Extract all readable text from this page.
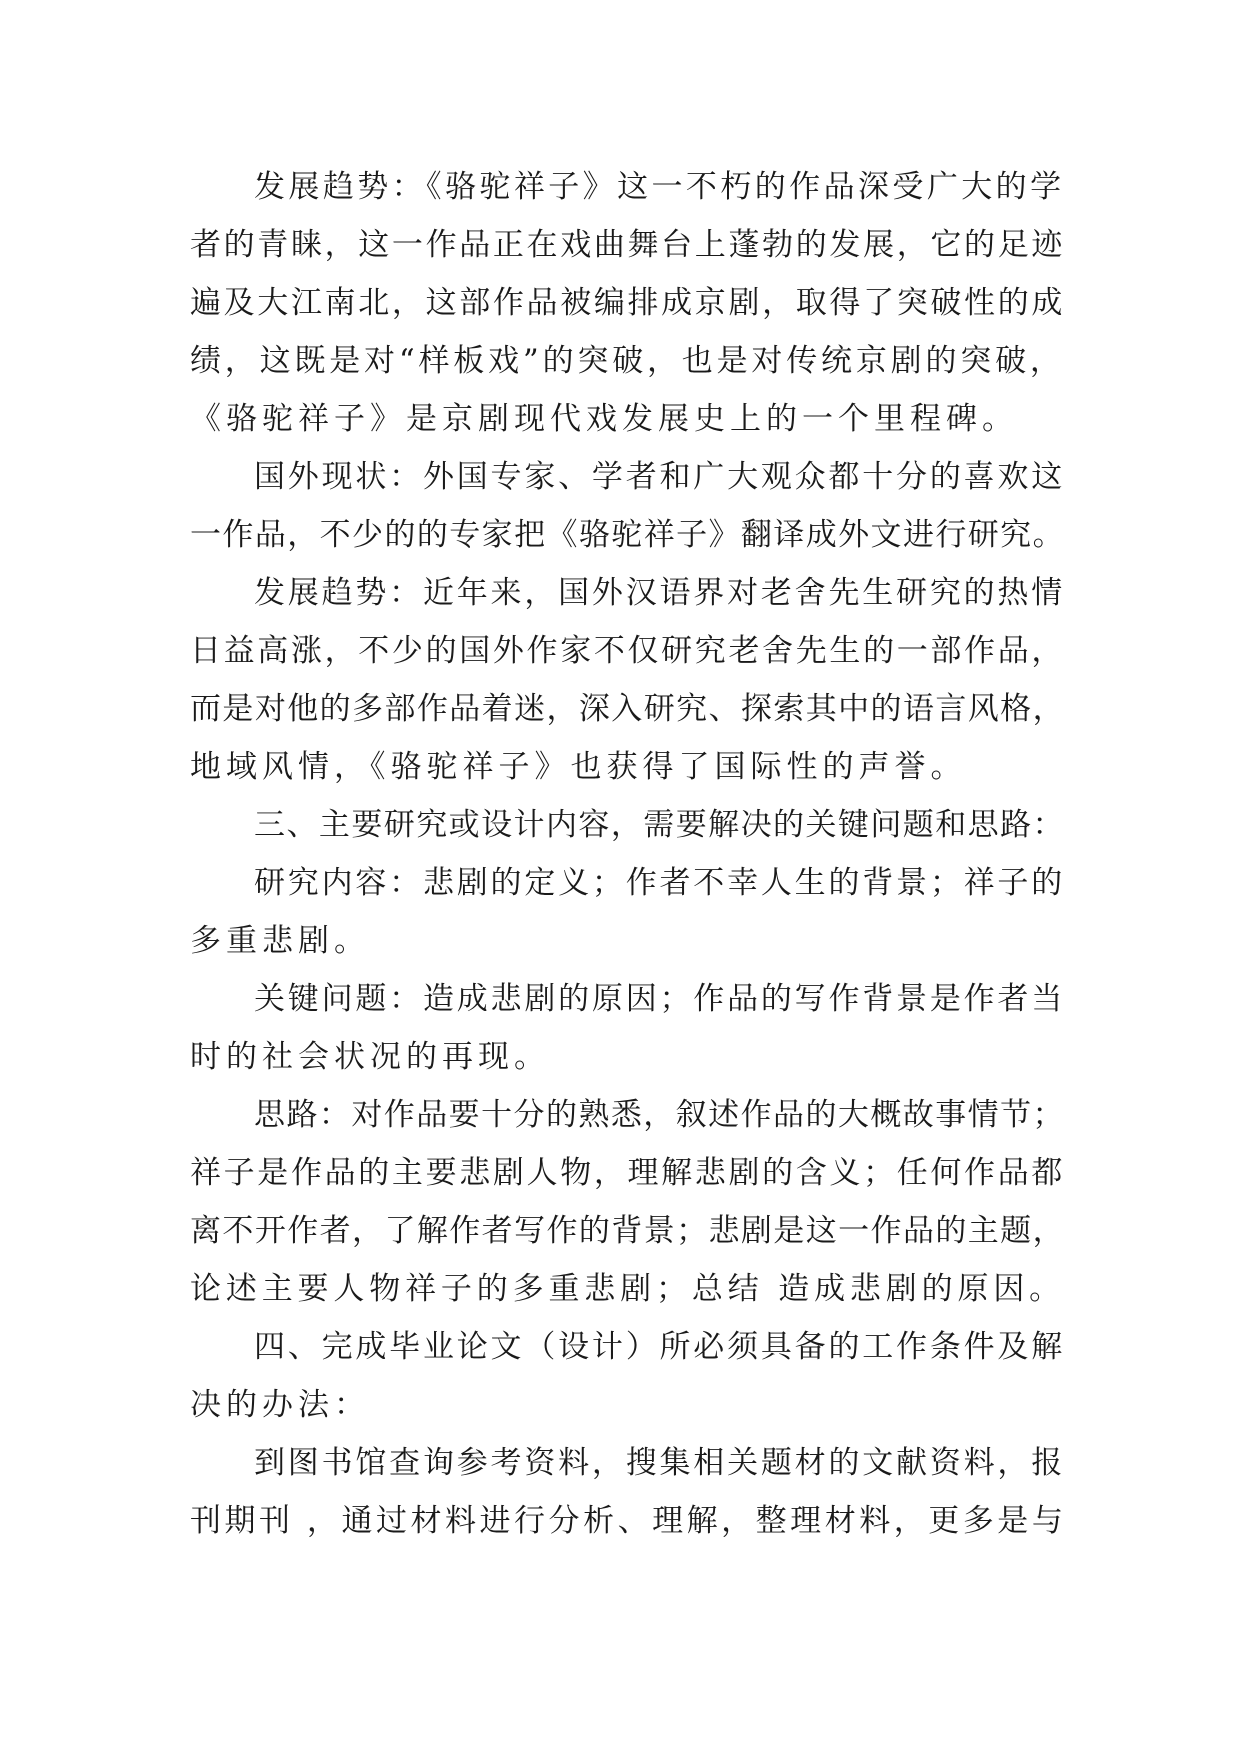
发展趋势：《骆驼祥子》这一不朽的作品深受广大的学
者的青睐，这一作品正在戏曲舞台上蓬勃的发展，它的足迹
遍及大江南北，这部作品被编排成京剧，取得了突破性的成
绩，这既是对“样板戏”的突破，也是对传统京剧的突破，
《骆驼祥子》是京剧现代戏发展史上的一个里程碑。

国外现状：外国专家、学者和广大观众都十分的喜欢这
一作品，不少的的专家把《骆驼祥子》翻译成外文进行研究。

发展趋势：近年来，国外汉语界对老舍先生研究的热情
日益高涨，不少的国外作家不仅研究老舍先生的一部作品，
而是对他的多部作品着迷，深入研究、探索其中的语言风格，
地域风情，《骆驼祥子》也获得了国际性的声誉。

三、主要研究或设计内容，需要解决的关键问题和思路：

研究内容：悲剧的定义；作者不幸人生的背景；祥子的
多重悲剧。

关键问题：造成悲剧的原因；作品的写作背景是作者当
时的社会状况的再现。

思路：对作品要十分的熟悉，叙述作品的大概故事情节；
祥子是作品的主要悲剧人物，理解悲剧的含义；任何作品都
离不开作者，了解作者写作的背景；悲剧是这一作品的主题，
论述主要人物祥子的多重悲剧；总结 造成悲剧的原因。

四、完成毕业论文（设计）所必须具备的工作条件及解
决的办法：

到图书馆查询参考资料，搜集相关题材的文献资料，报
刊期刊 ，通过材料进行分析、理解，整理材料，更多是与
